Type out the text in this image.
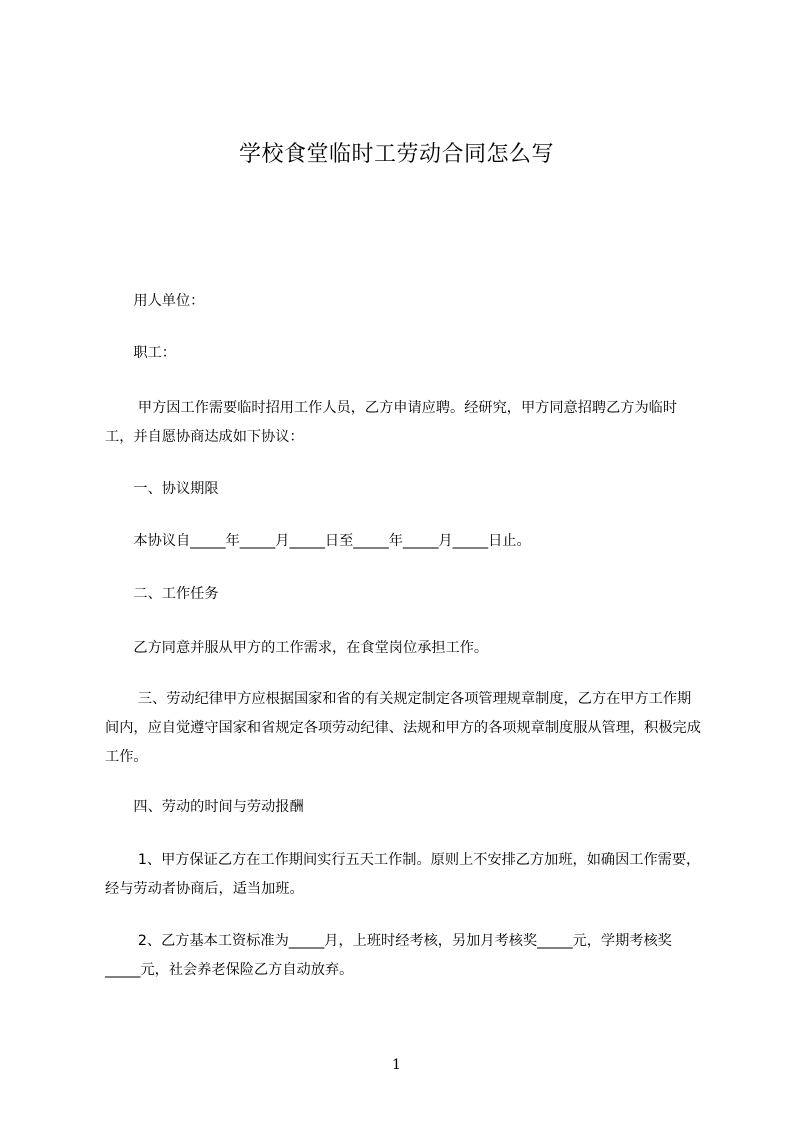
学校食堂临时工劳动合同怎么写
　　用人单位：
　　职工：
　　 甲方因工作需要临时招用工作人员，乙方申请应聘。经研究，甲方同意招聘乙方为临时工，并自愿协商达成如下协议：
　　一、协议期限
　　本协议自_____年_____月_____日至_____年_____月_____日止。
　　二、工作任务
　　乙方同意并服从甲方的工作需求，在食堂岗位承担工作。
　　 三、劳动纪律甲方应根据国家和省的有关规定制定各项管理规章制度，乙方在甲方工作期间内，应自觉遵守国家和省规定各项劳动纪律、法规和甲方的各项规章制度服从管理，积极完成工作。
　　四、劳动的时间与劳动报酬
　　 1、甲方保证乙方在工作期间实行五天工作制。原则上不安排乙方加班，如确因工作需要，经与劳动者协商后，适当加班。
　　 2、乙方基本工资标准为_____月，上班时经考核，另加月考核奖_____元，学期考核奖_____元，社会养老保险乙方自动放弃。
1
